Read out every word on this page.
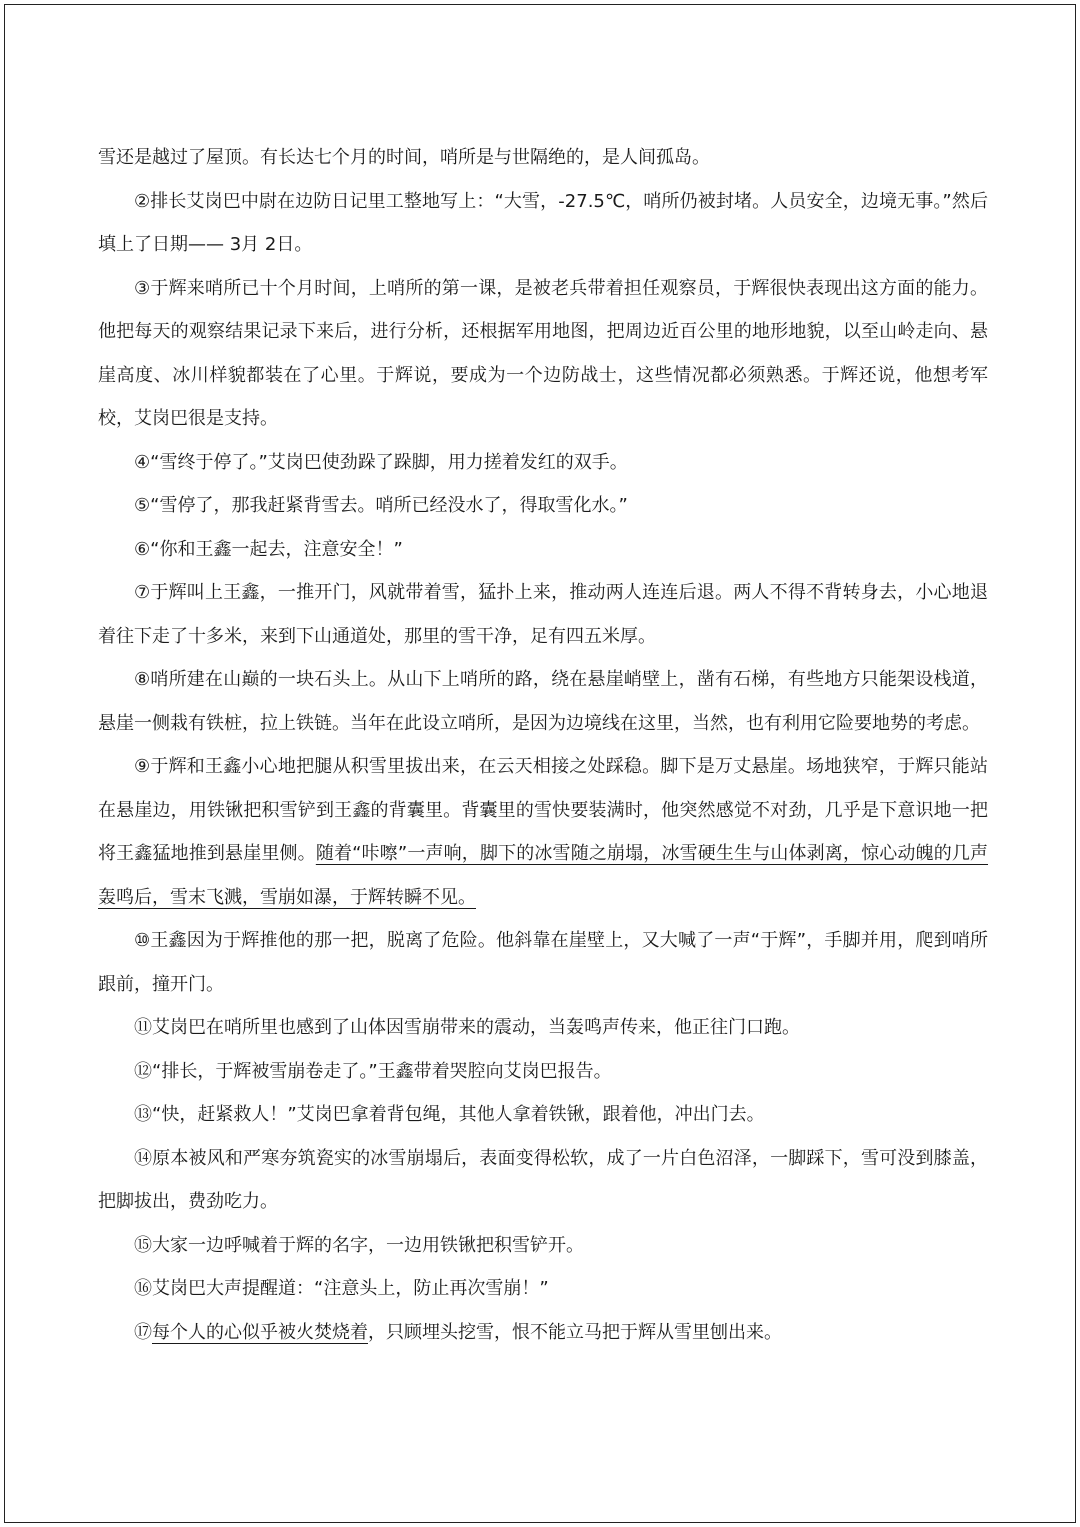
雪还是越过了屋顶。有长达七个月的时间，哨所是与世隔绝的，是人间孤岛。

②排长艾岗巴中尉在边防日记里工整地写上：“大雪，-27.5℃，哨所仍被封堵。人员安全，边境无事。”然后填上了日期—— 3月 2日。

③于辉来哨所已十个月时间，上哨所的第一课，是被老兵带着担任观察员，于辉很快表现出这方面的能力。他把每天的观察结果记录下来后，进行分析，还根据军用地图，把周边近百公里的地形地貌，以至山岭走向、悬崖高度、冰川样貌都装在了心里。于辉说，要成为一个边防战士，这些情况都必须熟悉。于辉还说，他想考军校，艾岗巴很是支持。

④“雪终于停了。”艾岗巴使劲跺了跺脚，用力搓着发红的双手。

⑤“雪停了，那我赶紧背雪去。哨所已经没水了，得取雪化水。”

⑥“你和王鑫一起去，注意安全！”

⑦于辉叫上王鑫，一推开门，风就带着雪，猛扑上来，推动两人连连后退。两人不得不背转身去，小心地退着往下走了十多米，来到下山通道处，那里的雪干净，足有四五米厚。

⑧哨所建在山巅的一块石头上。从山下上哨所的路，绕在悬崖峭壁上，凿有石梯，有些地方只能架设栈道，悬崖一侧栽有铁桩，拉上铁链。当年在此设立哨所，是因为边境线在这里，当然，也有利用它险要地势的考虑。

⑨于辉和王鑫小心地把腿从积雪里拔出来，在云天相接之处踩稳。脚下是万丈悬崖。场地狭窄，于辉只能站在悬崖边，用铁锹把积雪铲到王鑫的背囊里。背囊里的雪快要装满时，他突然感觉不对劲，几乎是下意识地一把将王鑫猛地推到悬崖里侧。随着“咔嚓”一声响，脚下的冰雪随之崩塌，冰雪硬生生与山体剥离，惊心动魄的几声轰鸣后，雪末飞溅，雪崩如瀑，于辉转瞬不见。

⑩王鑫因为于辉推他的那一把，脱离了危险。他斜靠在崖壁上，又大喊了一声“于辉”，手脚并用，爬到哨所跟前，撞开门。

⑪艾岗巴在哨所里也感到了山体因雪崩带来的震动，当轰鸣声传来，他正往门口跑。

⑫“排长，于辉被雪崩卷走了。”王鑫带着哭腔向艾岗巴报告。

⑬“快，赶紧救人！”艾岗巴拿着背包绳，其他人拿着铁锹，跟着他，冲出门去。

⑭原本被风和严寒夯筑瓷实的冰雪崩塌后，表面变得松软，成了一片白色沼泽，一脚踩下，雪可没到膝盖，把脚拔出，费劲吃力。

⑮大家一边呼喊着于辉的名字，一边用铁锹把积雪铲开。

⑯艾岗巴大声提醒道：“注意头上，防止再次雪崩！”

⑰每个人的心似乎被火焚烧着，只顾埋头挖雪，恨不能立马把于辉从雪里刨出来。
